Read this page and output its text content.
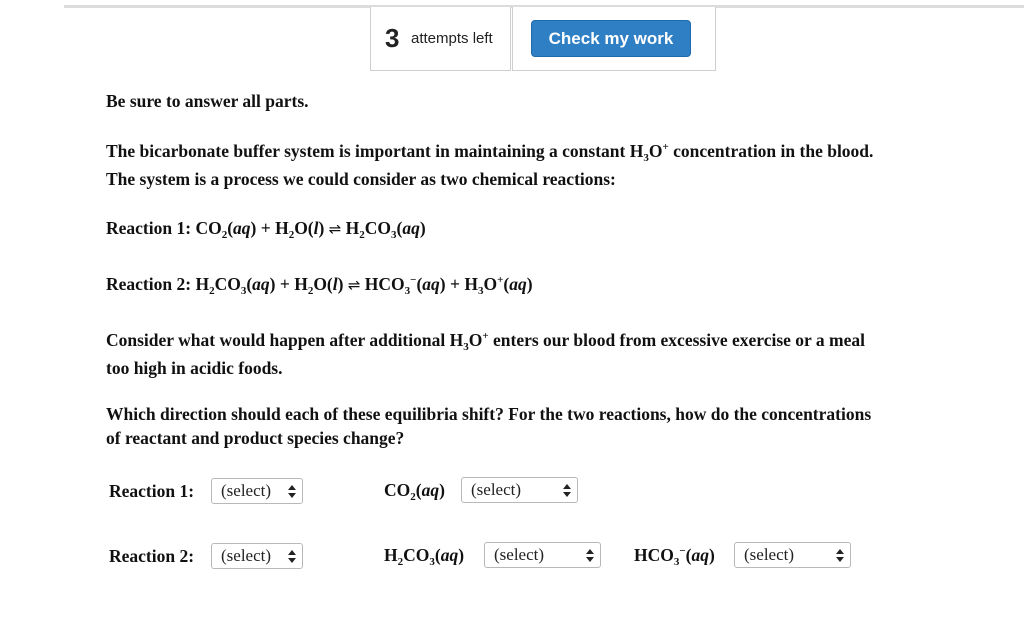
3 attempts left	Check my work
Be sure to answer all parts.
The bicarbonate buffer system is important in maintaining a constant $H_3O^+$ concentration in the blood.
The system is a process we could consider as two chemical reactions:
Reaction 1: $CO_2(aq) + H_2O(l)$ ⇌ $H_2CO_3(aq)$
Reaction 2: $H_2CO_3(aq) + H_2O(l)$ ⇌ $HCO_3^-(aq) + H_3O^+(aq)$
Consider what would happen after additional $H_3O^+$ enters our blood from excessive exercise or a meal
too high in acidic foods.
Which direction should each of these equilibria shift? For the two reactions, how do the concentrations
of reactant and product species change?
Reaction 1:	(select)	$CO_2(aq)$	(select)
Reaction 2:	(select)	$H_2CO_3(aq)$	(select)	$HCO_3^-(aq)$	(select)
